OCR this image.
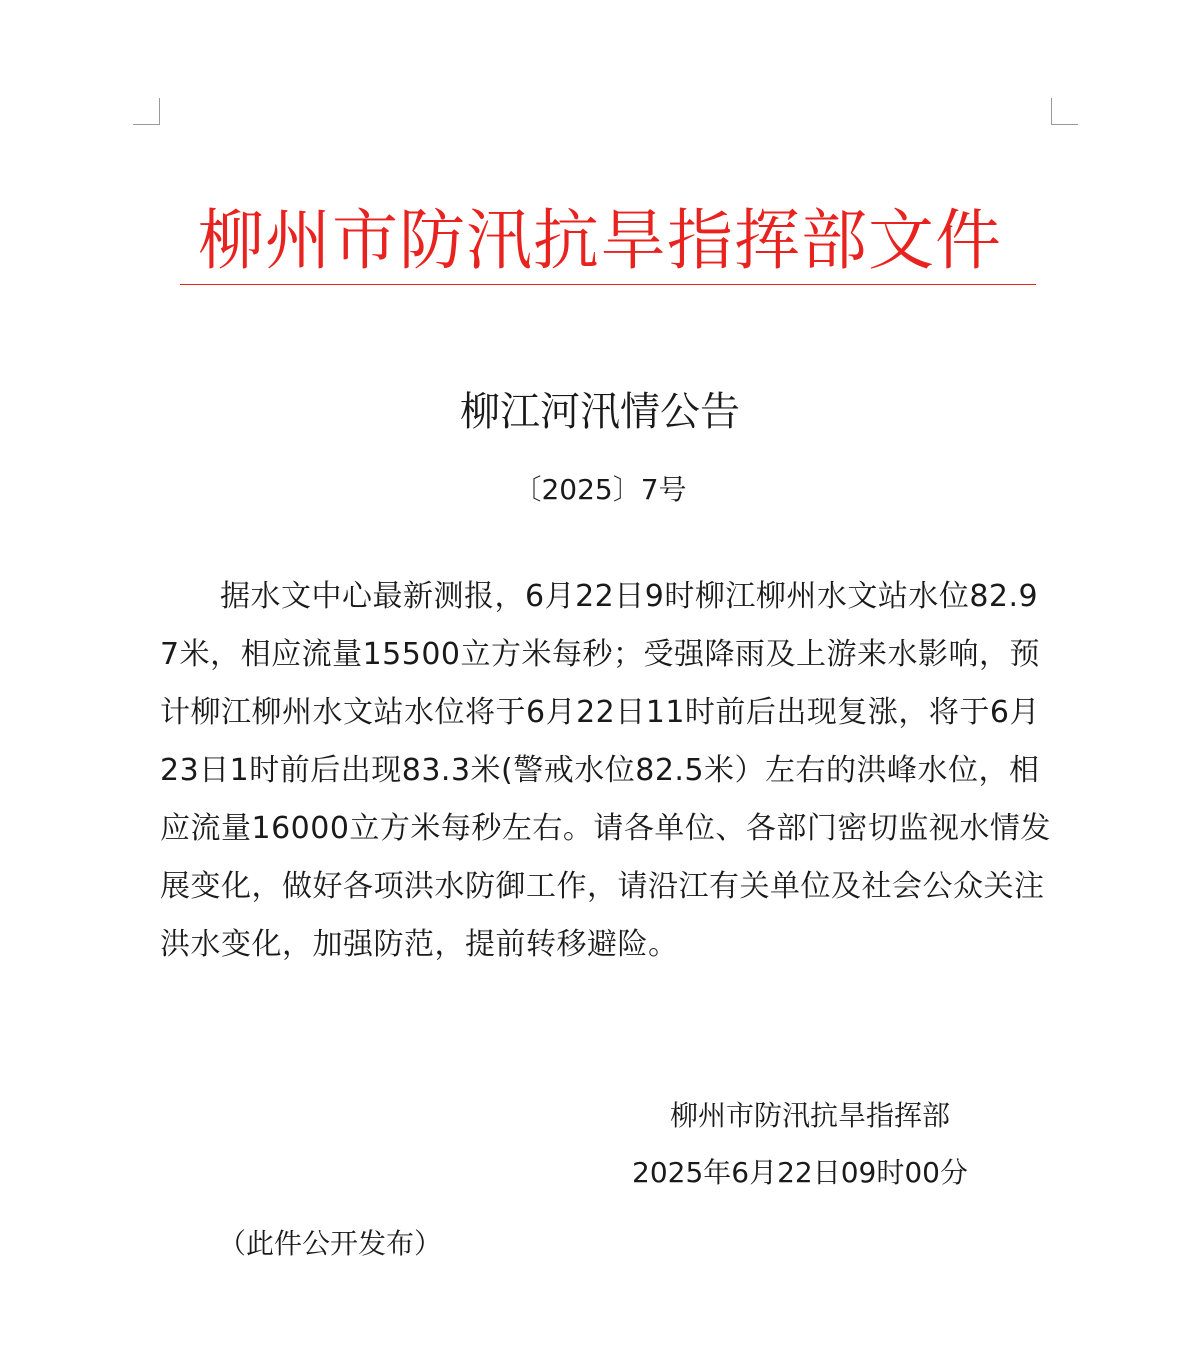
柳州市防汛抗旱指挥部文件
柳江河汛情公告
〔2025〕7号

据水文中心最新测报，6月22日9时柳江柳州水文站水位82.97米，相应流量15500立方米每秒；受强降雨及上游来水影响，预计柳江柳州水文站水位将于6月22日11时前后出现复涨，将于6月23日1时前后出现83.3米(警戒水位82.5米）左右的洪峰水位，相应流量16000立方米每秒左右。请各单位、各部门密切监视水情发展变化，做好各项洪水防御工作，请沿江有关单位及社会公众关注洪水变化，加强防范，提前转移避险。

柳州市防汛抗旱指挥部
2025年6月22日09时00分
（此件公开发布）
